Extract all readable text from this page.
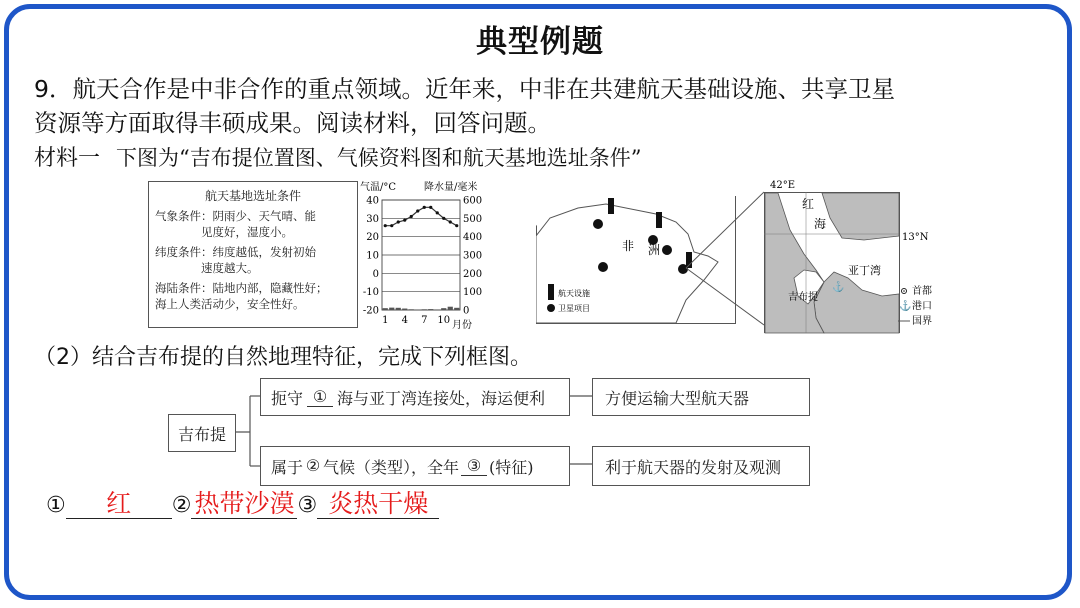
典型例题
9．航天合作是中非合作的重点领域。近年来，中非在共建航天基础设施、共享卫星
资源等方面取得丰硕成果。阅读材料，回答问题。
材料一 下图为“吉布提位置图、气候资料图和航天基地选址条件”
航天基地选址条件
气象条件：阴雨少、天气晴、能
见度好，湿度小。
纬度条件：纬度越低，发射初始
速度越大。
海陆条件：陆地内部，隐藏性好；
海上人类活动少，安全性好。
气温/°C	降水量/毫米
40
30
20
10
0
-10
-20
600
500
400
300
200
100
0
1 4 7 10 月份
非 洲
航天设施
卫星项目
42°E
13°N
红
海
亚丁湾
吉布提
⚓	首都
⚓ 港口
国界
（2）结合吉布提的自然地理特征，完成下列框图。
吉布提
扼守 ① 海与亚丁湾连接处，海运便利	方便运输大型航天器
属于 ② 气候（类型），全年 ③ (特征)	利于航天器的发射及观测
① 红 ② 热带沙漠 ③ 炎热干燥
